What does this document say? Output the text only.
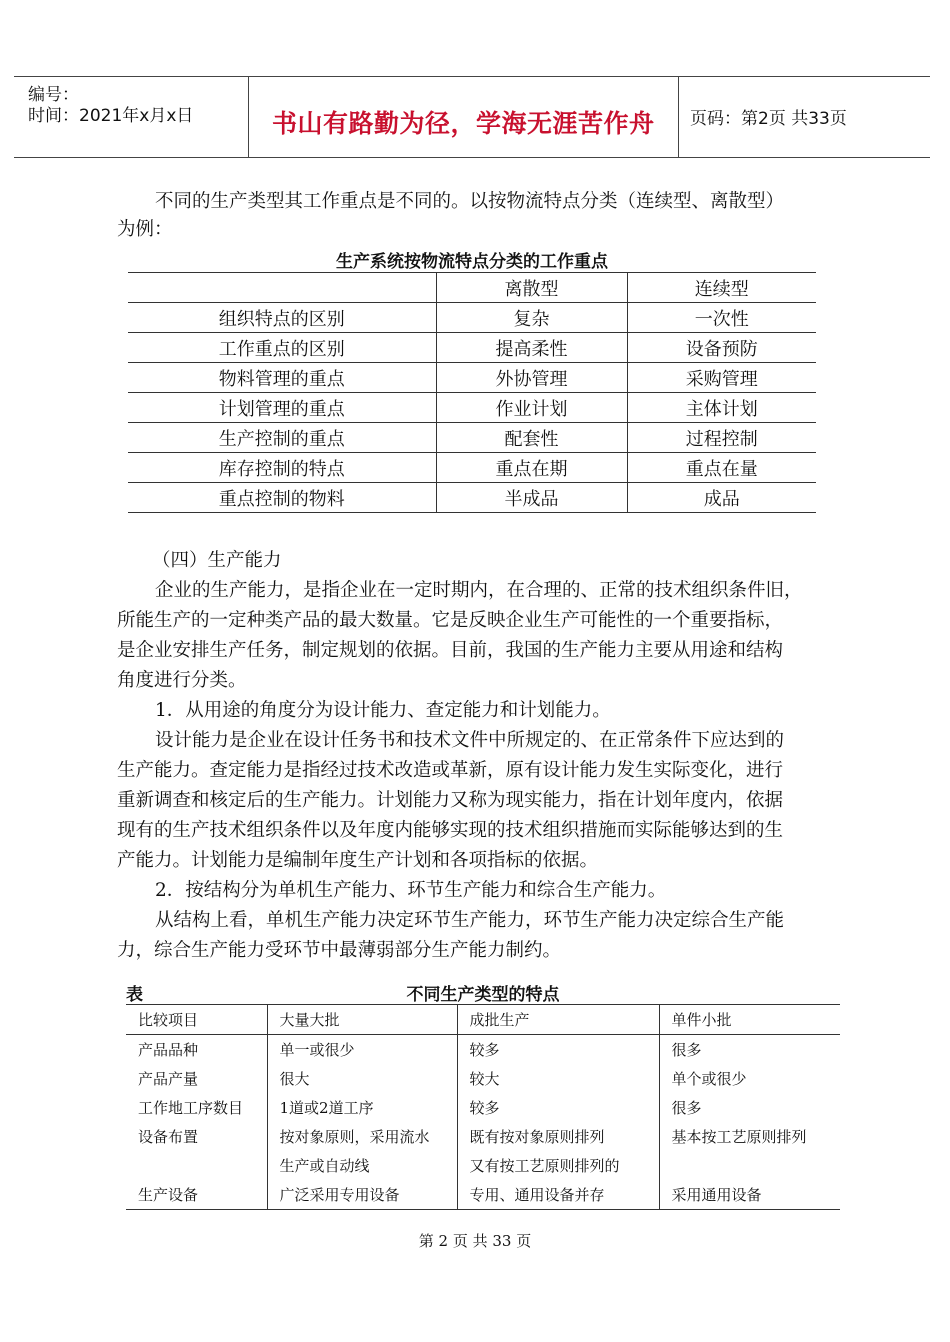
编号：
时间：2021年x月x日	书山有路勤为径，学海无涯苦作舟 页码：第2页 共33页
不同的生产类型其工作重点是不同的。以按物流特点分类（连续型、离散型）
为例：
生产系统按物流特点分类的工作重点
	离散型	连续型
组织特点的区别	复杂	一次性
工作重点的区别	提高柔性	设备预防
物料管理的重点	外协管理	采购管理
计划管理的重点	作业计划	主体计划
生产控制的重点	配套性	过程控制
库存控制的特点	重点在期	重点在量
重点控制的物料	半成品	成品
（四）生产能力
企业的生产能力，是指企业在一定时期内，在合理的、正常的技术组织条件旧，
所能生产的一定种类产品的最大数量。它是反映企业生产可能性的一个重要指标，
是企业安排生产任务，制定规划的依据。目前，我国的生产能力主要从用途和结构
角度进行分类。
1．从用途的角度分为设计能力、查定能力和计划能力。
设计能力是企业在设计任务书和技术文件中所规定的、在正常条件下应达到的
生产能力。查定能力是指经过技术改造或革新，原有设计能力发生实际变化，进行
重新调查和核定后的生产能力。计划能力又称为现实能力，指在计划年度内，依据
现有的生产技术组织条件以及年度内能够实现的技术组织措施而实际能够达到的生
产能力。计划能力是编制年度生产计划和各项指标的依据。
2．按结构分为单机生产能力、环节生产能力和综合生产能力。
从结构上看，单机生产能力决定环节生产能力，环节生产能力决定综合生产能
力，综合生产能力受环节中最薄弱部分生产能力制约。
表	不同生产类型的特点
比较项目	大量大批	成批生产	单件小批
产品品种	单一或很少	较多	很多
产品产量	很大	较大	单个或很少
工作地工序数目	1道或2道工序	较多	很多
设备布置	按对象原则，采用流水	既有按对象原则排列	基本按工艺原则排列
	生产或自动线	又有按工艺原则排列的	
生产设备	广泛采用专用设备	专用、通用设备并存	采用通用设备
第 2 页 共 33 页
